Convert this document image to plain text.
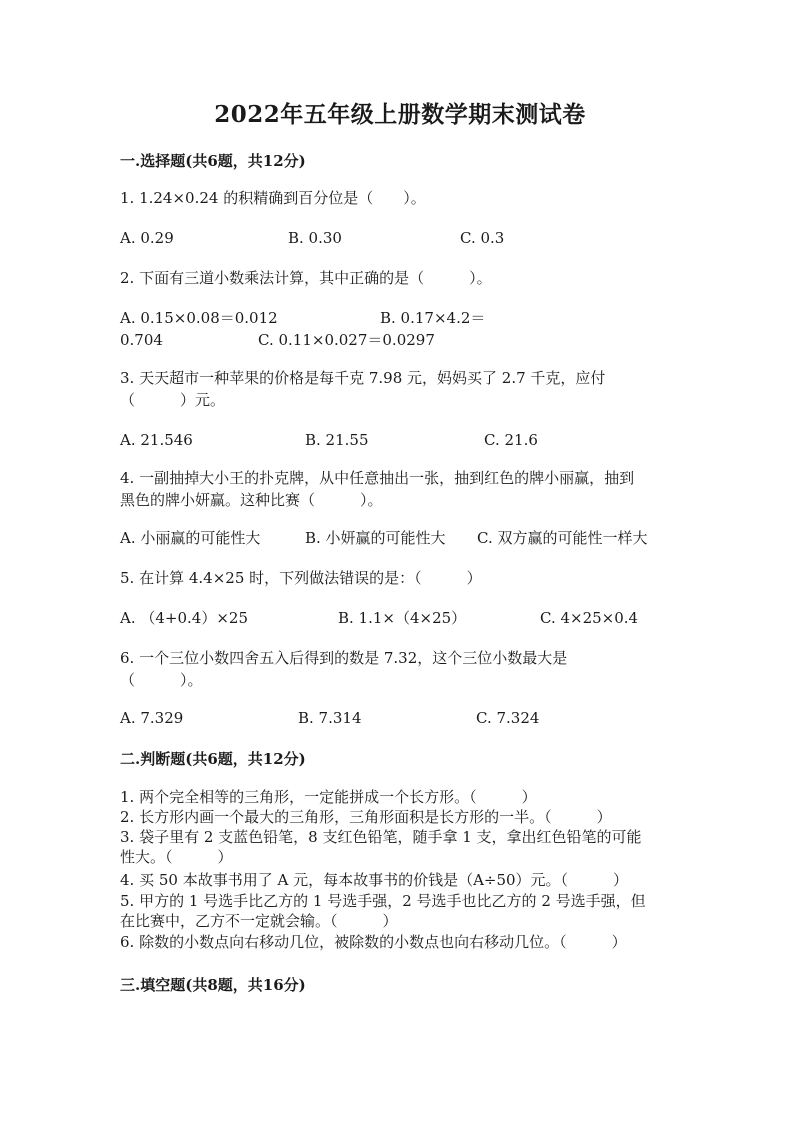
2022年五年级上册数学期末测试卷
一.选择题(共6题，共12分)
1. 1.24×0.24 的积精确到百分位是（　　）。
A. 0.29	B. 0.30	C. 0.3
2. 下面有三道小数乘法计算，其中正确的是（　　　）。
A. 0.15×0.08＝0.012	B. 0.17×4.2＝
0.704	C. 0.11×0.027＝0.0297
3. 天天超市一种苹果的价格是每千克 7.98 元，妈妈买了 2.7 千克，应付
（　　　）元。
A. 21.546	B. 21.55	C. 21.6
4. 一副抽掉大小王的扑克牌，从中任意抽出一张，抽到红色的牌小丽赢，抽到
黑色的牌小妍赢。这种比赛（　　　）。
A. 小丽赢的可能性大	B. 小妍赢的可能性大 C. 双方赢的可能性一样大
5. 在计算 4.4×25 时，下列做法错误的是：（　　　）
A. （4+0.4）×25	B. 1.1×（4×25）	C. 4×25×0.4
6. 一个三位小数四舍五入后得到的数是 7.32，这个三位小数最大是
（　　　）。
A. 7.329	B. 7.314	C. 7.324
二.判断题(共6题，共12分)
1. 两个完全相等的三角形，一定能拼成一个长方形。（　　　）
2. 长方形内画一个最大的三角形，三角形面积是长方形的一半。（　　　）
3. 袋子里有 2 支蓝色铅笔，8 支红色铅笔，随手拿 1 支，拿出红色铅笔的可能
性大。（　　　）
4. 买 50 本故事书用了 A 元，每本故事书的价钱是（A÷50）元。（　　　）
5. 甲方的 1 号选手比乙方的 1 号选手强，2 号选手也比乙方的 2 号选手强，但
在比赛中，乙方不一定就会输。（　　　）
6. 除数的小数点向右移动几位，被除数的小数点也向右移动几位。（　　　）
三.填空题(共8题，共16分)
